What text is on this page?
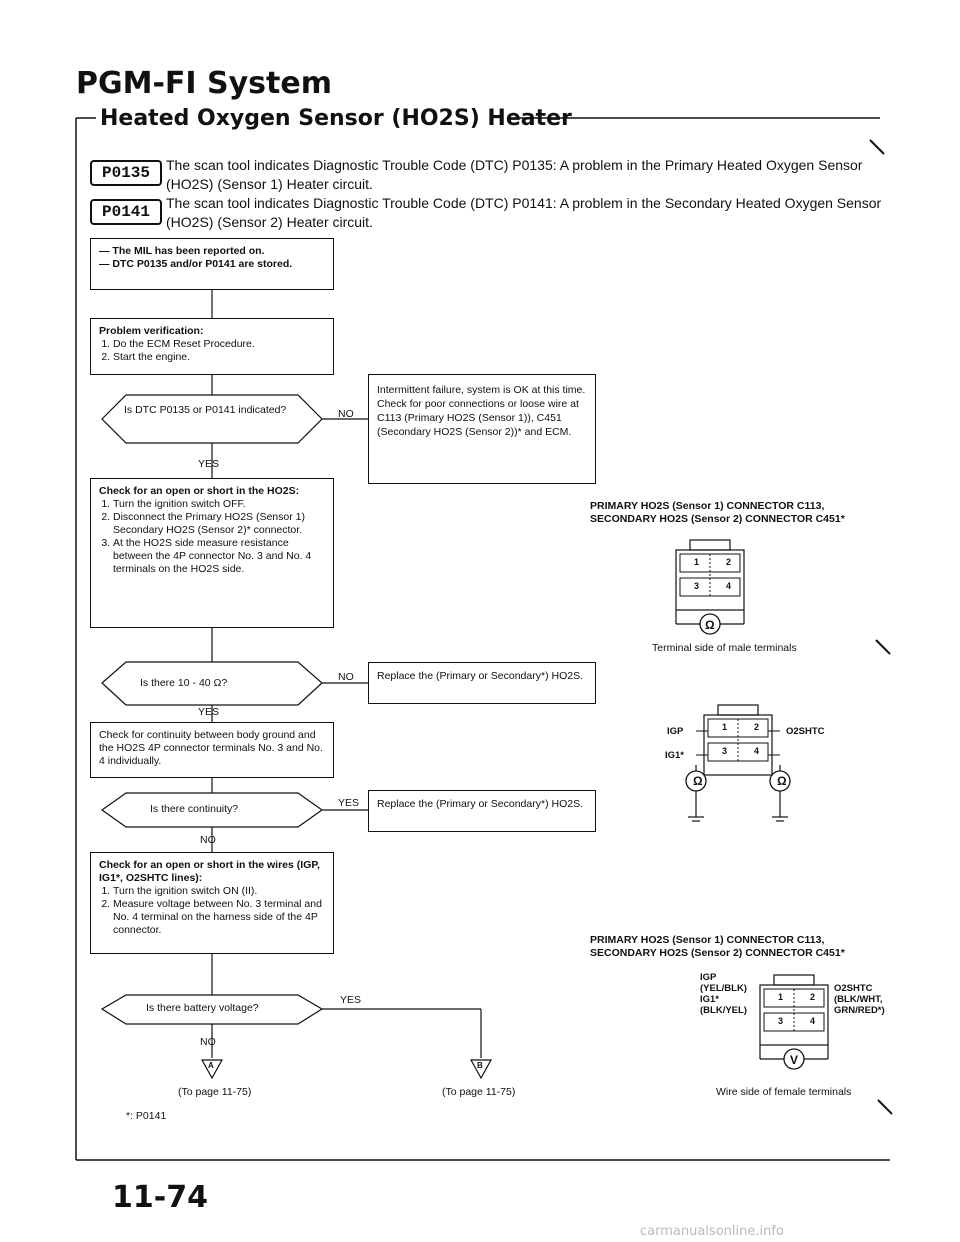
PGM-FI System
Heated Oxygen Sensor (HO2S) Heater
P0135	The scan tool indicates Diagnostic Trouble Code (DTC) P0135: A problem in the Primary Heated Oxygen Sensor (HO2S) (Sensor 1) Heater circuit.
P0141	The scan tool indicates Diagnostic Trouble Code (DTC) P0141: A problem in the Secondary Heated Oxygen Sensor (HO2S) (Sensor 2) Heater circuit.
— The MIL has been reported on.
— DTC P0135 and/or P0141 are stored.
Problem verification:
1. Do the ECM Reset Procedure.
2. Start the engine.
Is DTC P0135 or P0141 indicated?
Intermittent failure, system is OK at this time. Check for poor connections or loose wire at C113 (Primary HO2S (Sensor 1)), C451 (Secondary HO2S (Sensor 2))* and ECM.
NO
YES
Check for an open or short in the HO2S:
1. Turn the ignition switch OFF.
2. Disconnect the Primary HO2S (Sensor 1) Secondary HO2S (Sensor 2)* connector.
3. At the HO2S side measure resistance between the 4P connector No. 3 and No. 4 terminals on the HO2S side.
Is there 10 - 40 Ω?	NO	Replace the (Primary or Secondary*) HO2S.
YES
Check for continuity between body ground and the HO2S 4P connector terminals No. 3 and No. 4 individually.
Is there continuity?	YES	Replace the (Primary or Secondary*) HO2S.
NO
Check for an open or short in the wires (IGP, IG1*, O2SHTC lines):
1. Turn the ignition switch ON (II).
2. Measure voltage between No. 3 terminal and No. 4 terminal on the harness side of the 4P connector.
Is there battery voltage?
YES
NO
A	B
(To page 11-75)	(To page 11-75)
*: P0141
PRIMARY HO2S (Sensor 1) CONNECTOR C113, SECONDARY HO2S (Sensor 2) CONNECTOR C451*
1	2
3	4
Ω
Terminal side of male terminals
IGP
IG1*
O2SHTC
1	2
3	4
Ω	Ω
PRIMARY HO2S (Sensor 1) CONNECTOR C113, SECONDARY HO2S (Sensor 2) CONNECTOR C451*
IGP
(YEL/BLK)
IG1*
(BLK/YEL)
O2SHTC
(BLK/WHT,
GRN/RED*)
1	2
3	4
V
Wire side of female terminals
11-74
carmanualsonline.info
